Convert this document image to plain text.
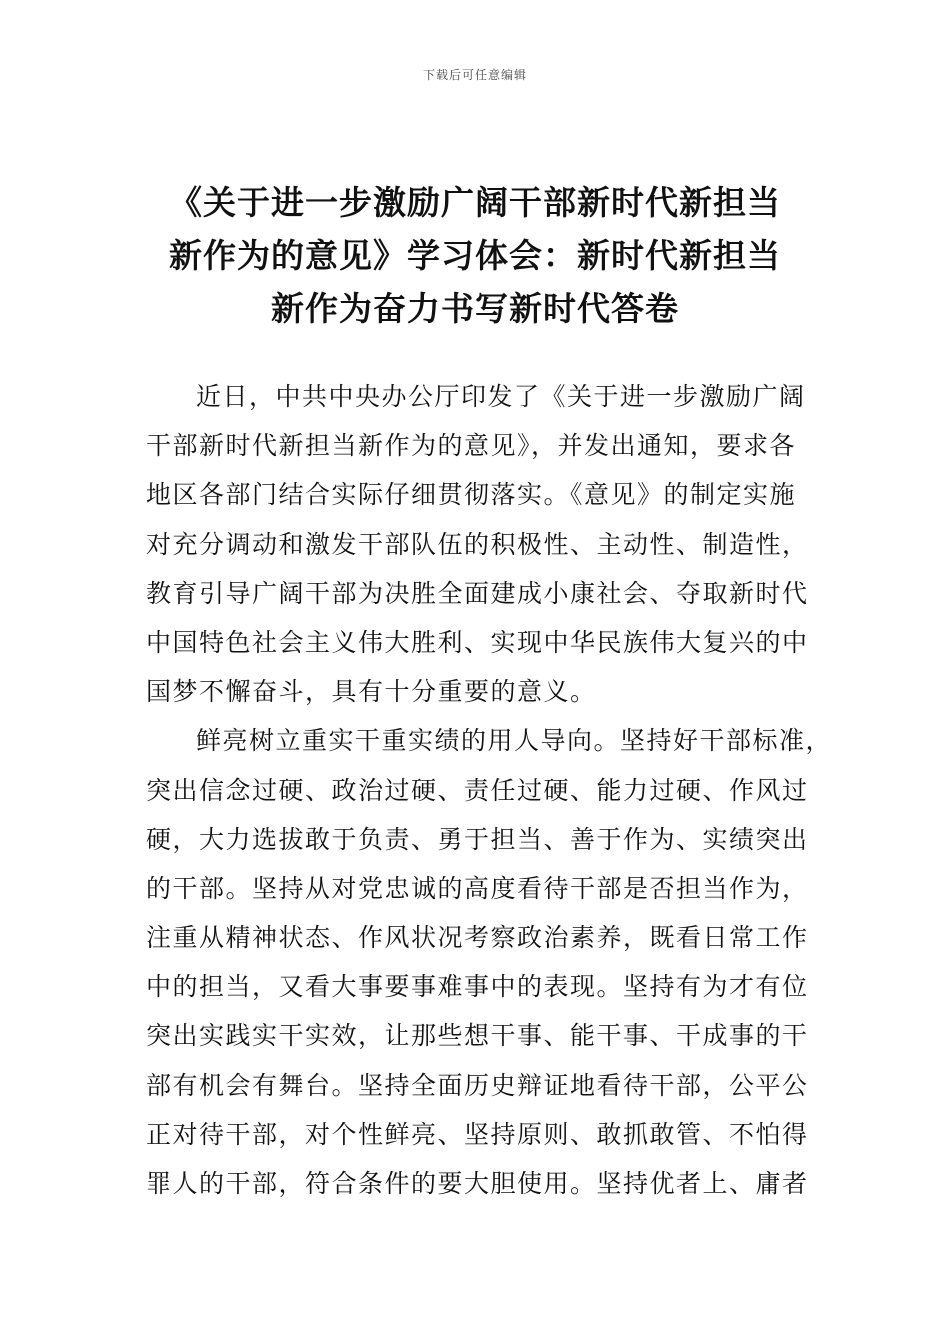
下载后可任意编辑
《关于进一步激励广阔干部新时代新担当
新作为的意见》学习体会：新时代新担当
新作为奋力书写新时代答卷
近日，中共中央办公厅印发了《关于进一步激励广阔
干部新时代新担当新作为的意见》，并发出通知，要求各
地区各部门结合实际仔细贯彻落实。《意见》的制定实施
对充分调动和激发干部队伍的积极性、主动性、制造性，
教育引导广阔干部为决胜全面建成小康社会、夺取新时代
中国特色社会主义伟大胜利、实现中华民族伟大复兴的中
国梦不懈奋斗，具有十分重要的意义。
鲜亮树立重实干重实绩的用人导向。坚持好干部标准，
突出信念过硬、政治过硬、责任过硬、能力过硬、作风过
硬，大力选拔敢于负责、勇于担当、善于作为、实绩突出
的干部。坚持从对党忠诚的高度看待干部是否担当作为，
注重从精神状态、作风状况考察政治素养，既看日常工作
中的担当，又看大事要事难事中的表现。坚持有为才有位
突出实践实干实效，让那些想干事、能干事、干成事的干
部有机会有舞台。坚持全面历史辩证地看待干部，公平公
正对待干部，对个性鲜亮、坚持原则、敢抓敢管、不怕得
罪人的干部，符合条件的要大胆使用。坚持优者上、庸者
